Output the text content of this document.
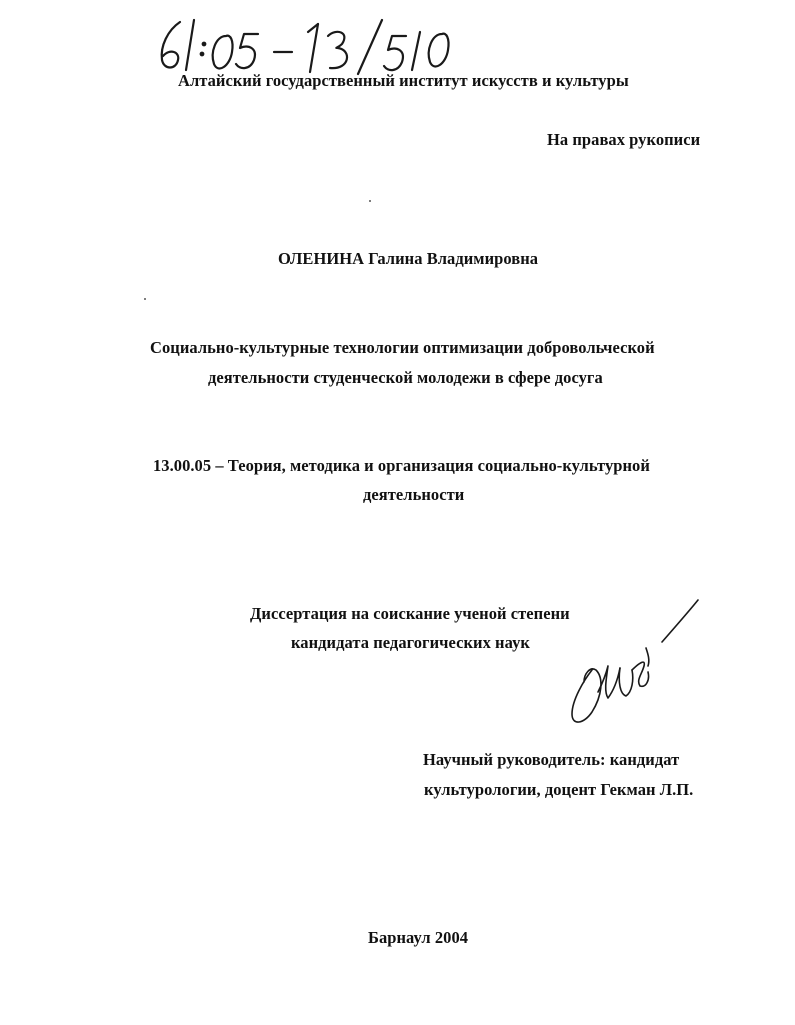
Алтайский государственный институт искусств и культуры
На правах рукописи
ОЛЕНИНА Галина Владимировна
Социально-культурные технологии оптимизации добровольческой
деятельности студенческой молодежи в сфере досуга
13.00.05 – Теория, методика и организация социально-культурной
деятельности
Диссертация на соискание ученой степени
кандидата педагогических наук
Научный руководитель: кандидат
культурологии, доцент Гекман Л.П.
Барнаул 2004
